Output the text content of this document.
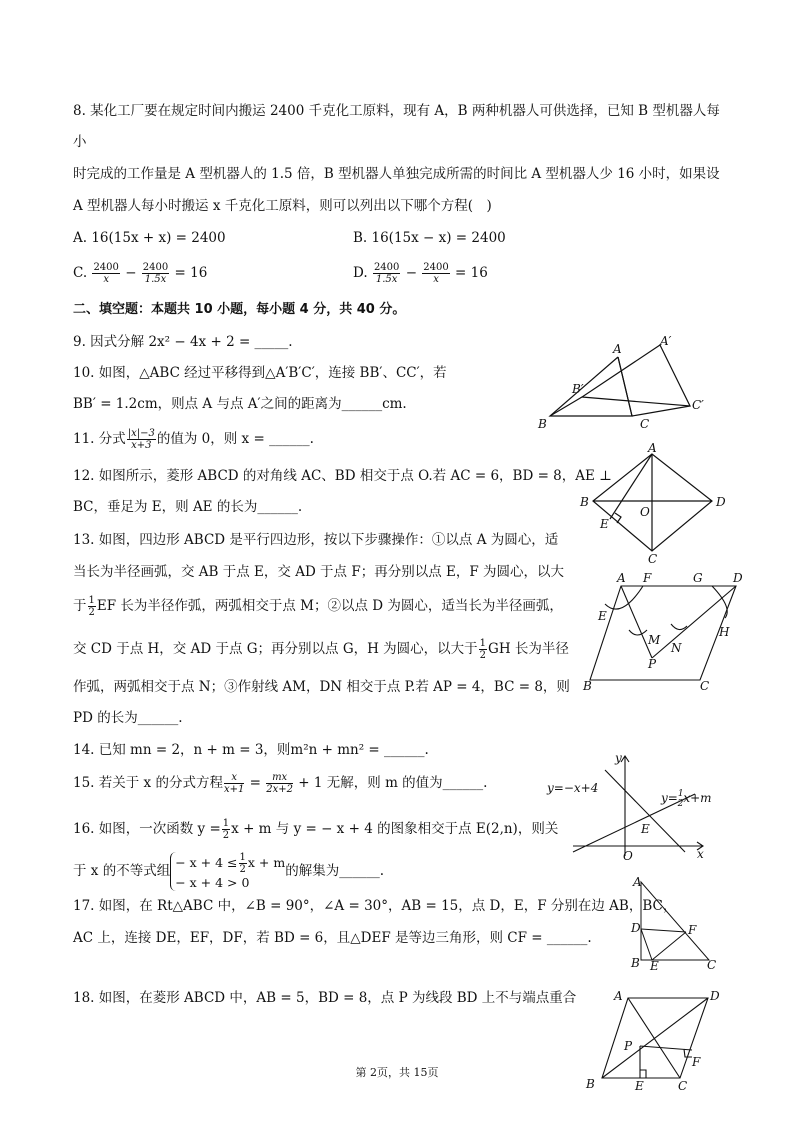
8. 某化工厂要在规定时间内搬运 2400 千克化工原料，现有 A，B 两种机器人可供选择，已知 B 型机器人每
小
时完成的工作量是 A 型机器人的 1.5 倍，B 型机器人单独完成所需的时间比 A 型机器人少 16 小时，如果设
A 型机器人每小时搬运 x 千克化工原料，则可以列出以下哪个方程(　)
A. 16(15x + x) = 2400	B. 16(15x − x) = 2400
C. $\frac{2400}{x} - \frac{2400}{1.5x} = 16$	D. $\frac{2400}{1.5x} - \frac{2400}{x} = 16$
二、填空题：本题共 10 小题，每小题 4 分，共 40 分。
9. 因式分解 2x² − 4x + 2 = _____.
10. 如图，△ABC 经过平移得到△A′B′C′，连接 BB′、CC′，若
BB′ = 1.2cm，则点 A 与点 A′之间的距离为______cm.
11. 分式 $\frac{|x|-3}{x+3}$ 的值为 0，则 x = ______.
12. 如图所示，菱形 ABCD 的对角线 AC、BD 相交于点 O.若 AC = 6，BD = 8，AE ⊥
BC，垂足为 E，则 AE 的长为______.
13. 如图，四边形 ABCD 是平行四边形，按以下步骤操作：①以点 A 为圆心，适
当长为半径画弧，交 AB 于点 E，交 AD 于点 F；再分别以点 E，F 为圆心，以大
于 $\frac{1}{2}$ EF 长为半径作弧，两弧相交于点 M；②以点 D 为圆心，适当长为半径画弧，
交 CD 于点 H，交 AD 于点 G；再分别以点 G，H 为圆心，以大于 $\frac{1}{2}$ GH 长为半径
作弧，两弧相交于点 N；③作射线 AM，DN 相交于点 P.若 AP = 4，BC = 8，则
PD 的长为______.
14. 已知 mn = 2，n + m = 3，则m²n + mn² = ______.
15. 若关于 x 的分式方程 $\frac{x}{x+1} = \frac{mx}{2x+2} + 1$ 无解，则 m 的值为______.
16. 如图，一次函数 $y = \frac{1}{2}$ x + m 与 y = − x + 4 的图象相交于点 E(2,n)，则关
于 x 的不等式组
− $x + 4 \le \frac{1}{2}$ x + m
− x + 4 > 0
的解集为______.
17. 如图，在 Rt△ABC 中，∠B = 90°，∠A = 30°，AB = 15，点 D，E，F 分别在边 AB，BC，
AC 上，连接 DE，EF，DF，若 BD = 6，且△DEF 是等边三角形，则 CF = ______.
18. 如图，在菱形 ABCD 中，AB = 5，BD = 8，点 P 为线段 BD 上不与端点重合
A
A′
B′
C′
B	C
A
B
C
D
E
O
A F	G	D
E
H
M
N
P
B	C
y
x
O
E
y=−x+4
y=$^1$ 2x+m
A
D	F
B E	C
A	D
P
F
B	E	C
第 2页，共 15页
